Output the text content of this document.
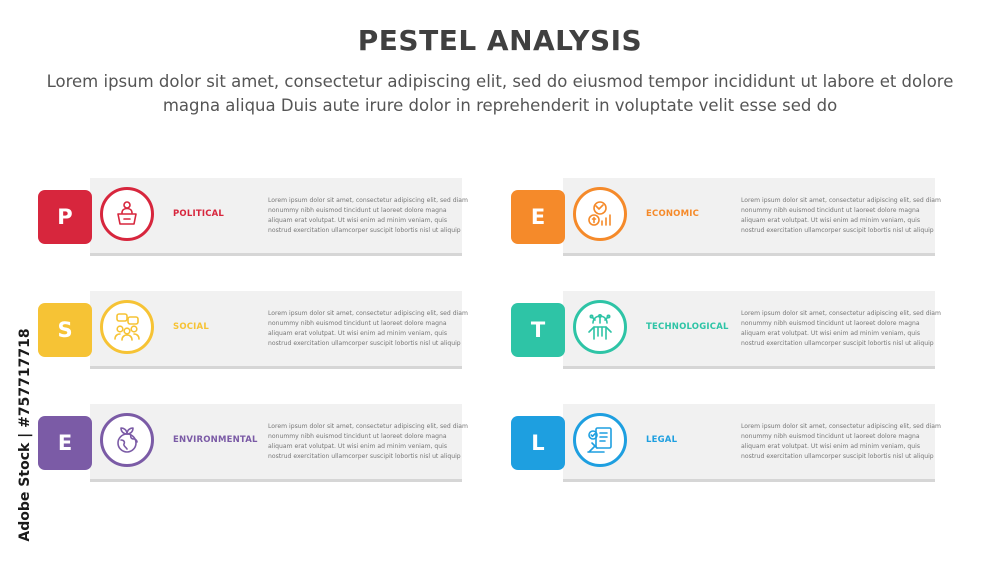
PESTEL ANALYSIS
Lorem ipsum dolor sit amet, consectetur adipiscing elit, sed do eiusmod tempor incididunt ut labore et dolore magna aliqua Duis aute irure dolor in reprehenderit in voluptate velit esse sed do
P	POLITICAL
Lorem ipsum dolor sit amet, consectetur adipiscing elit, sed diam nonummy nibh euismod tincidunt ut laoreet dolore magna aliquam erat volutpat. Ut wisi enim ad minim veniam, quis nostrud exercitation ullamcorper suscipit lobortis nisl ut aliquip
E	ECONOMIC
Lorem ipsum dolor sit amet, consectetur adipiscing elit, sed diam nonummy nibh euismod tincidunt ut laoreet dolore magna aliquam erat volutpat. Ut wisi enim ad minim veniam, quis nostrud exercitation ullamcorper suscipit lobortis nisl ut aliquip
S	SOCIAL
Lorem ipsum dolor sit amet, consectetur adipiscing elit, sed diam nonummy nibh euismod tincidunt ut laoreet dolore magna aliquam erat volutpat. Ut wisi enim ad minim veniam, quis nostrud exercitation ullamcorper suscipit lobortis nisl ut aliquip
T	TECHNOLOGICAL
Lorem ipsum dolor sit amet, consectetur adipiscing elit, sed diam nonummy nibh euismod tincidunt ut laoreet dolore magna aliquam erat volutpat. Ut wisi enim ad minim veniam, quis nostrud exercitation ullamcorper suscipit lobortis nisl ut aliquip
E	ENVIRONMENTAL
Lorem ipsum dolor sit amet, consectetur adipiscing elit, sed diam nonummy nibh euismod tincidunt ut laoreet dolore magna aliquam erat volutpat. Ut wisi enim ad minim veniam, quis nostrud exercitation ullamcorper suscipit lobortis nisl ut aliquip
L	LEGAL
Lorem ipsum dolor sit amet, consectetur adipiscing elit, sed diam nonummy nibh euismod tincidunt ut laoreet dolore magna aliquam erat volutpat. Ut wisi enim ad minim veniam, quis nostrud exercitation ullamcorper suscipit lobortis nisl ut aliquip
Adobe Stock | #757717718
